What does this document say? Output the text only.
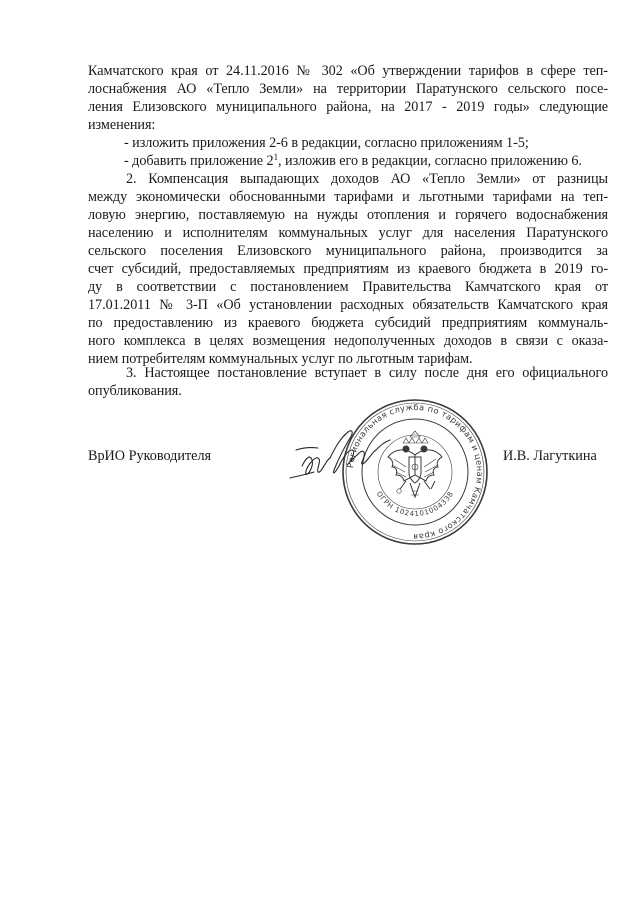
Камчатского края от 24.11.2016 № 302 «Об утверждении тарифов в сфере теп-
лоснабжения АО «Тепло Земли» на территории Паратунского сельского посе-
ления Елизовского муниципального района, на 2017 - 2019 годы» следующие
изменения:
- изложить приложения 2-6 в редакции, согласно приложениям 1-5;
- добавить приложение $2^1$, изложив его в редакции, согласно приложению 6.
2. Компенсация выпадающих доходов АО «Тепло Земли» от разницы
между экономически обоснованными тарифами и льготными тарифами на теп-
ловую энергию, поставляемую на нужды отопления и горячего водоснабжения
населению и исполнителям коммунальных услуг для населения Паратунского
сельского поселения Елизовского муниципального района, производится за
счет субсидий, предоставляемых предприятиям из краевого бюджета в 2019 го-
ду в соответствии с постановлением Правительства Камчатского края от
17.01.2011 № 3-П «Об установлении расходных обязательств Камчатского края
по предоставлению из краевого бюджета субсидий предприятиям коммуналь-
ного комплекса в целях возмещения недополученных доходов в связи с оказа-
нием потребителям коммунальных услуг по льготным тарифам.
3. Настоящее постановление вступает в силу после дня его официального
опубликования.
Региональная служба по тарифам и ценам Камчатского края
ОГРН 1024101004338
ВрИО Руководителя	И.В. Лагуткина
